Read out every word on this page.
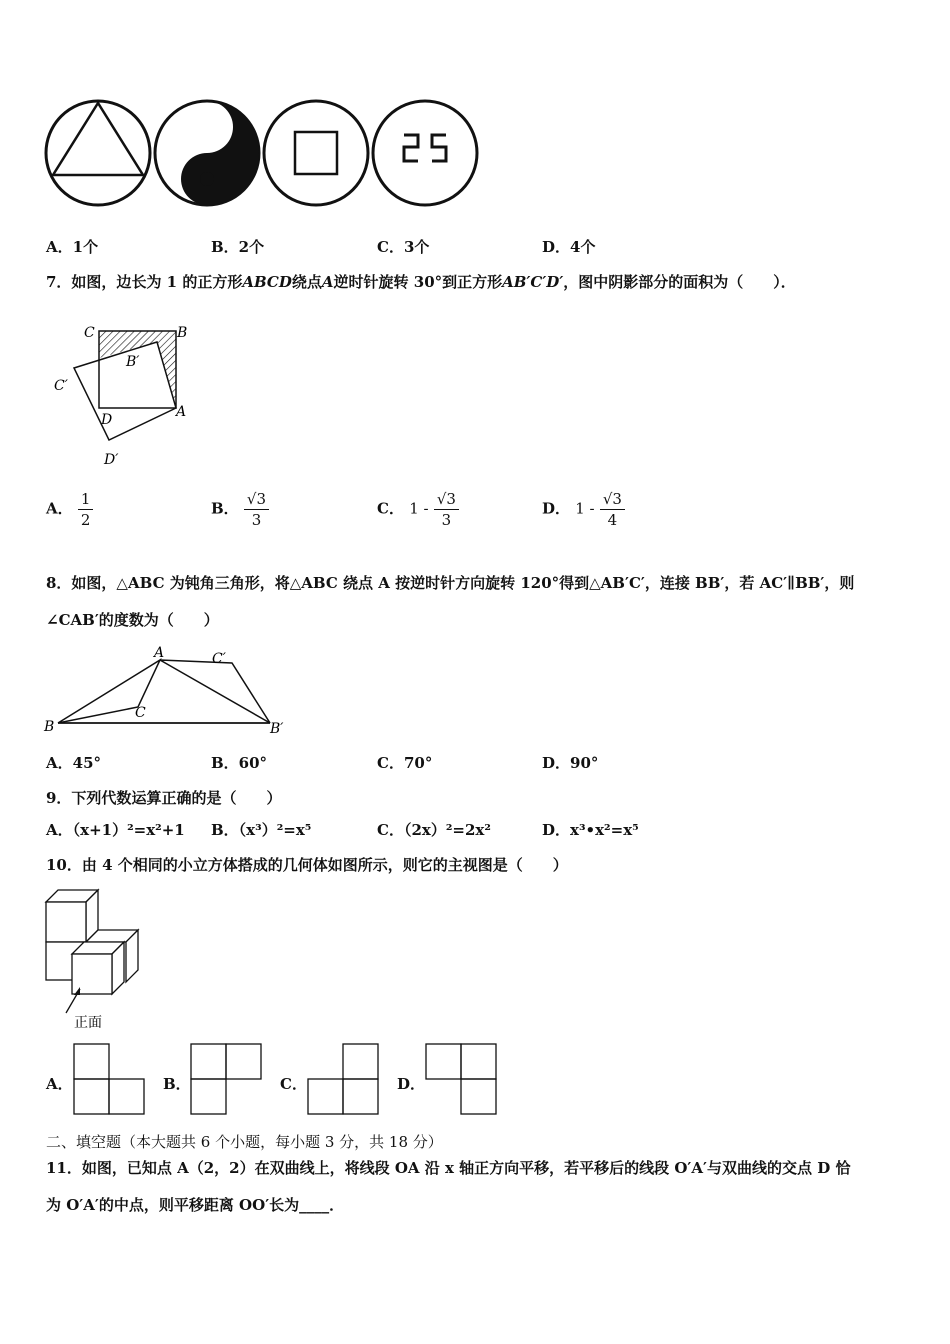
A．1个	B．2个	C．3个	D．4个
7．如图，边长为 1 的正方形ABCD绕点A逆时针旋转 30°到正方形AB′C′D′，图中阴影部分的面积为（　　）．
C	B
B′
C′
D	A
D′
A． $\frac{1}{2}$	B． $\frac{√3}{3}$	C． $1 - \frac{√3}{3}$	D． $1 - \frac{√3}{4}$
8．如图，△ABC 为钝角三角形，将△ABC 绕点 A 按逆时针方向旋转 120°得到△AB′C′，连接 BB′，若 AC′∥BB′，则
∠CAB′的度数为（　　）
A	C′
B
C
B′
A．45°	B．60°	C．70°	D．90°
9．下列代数运算正确的是（　　）
A．（x+1）²=x²+1 B．（x³）²=x⁵	C．（2x）²=2x²	D．x³•x²=x⁵
10．由 4 个相同的小立方体搭成的几何体如图所示，则它的主视图是（　　）
正面
A．	B．	C．	D．
二、填空题（本大题共 6 个小题，每小题 3 分，共 18 分）
11．如图，已知点 A（2，2）在双曲线上，将线段 OA 沿 x 轴正方向平移，若平移后的线段 O′A′与双曲线的交点 D 恰
为 O′A′的中点，则平移距离 OO′长为____．
